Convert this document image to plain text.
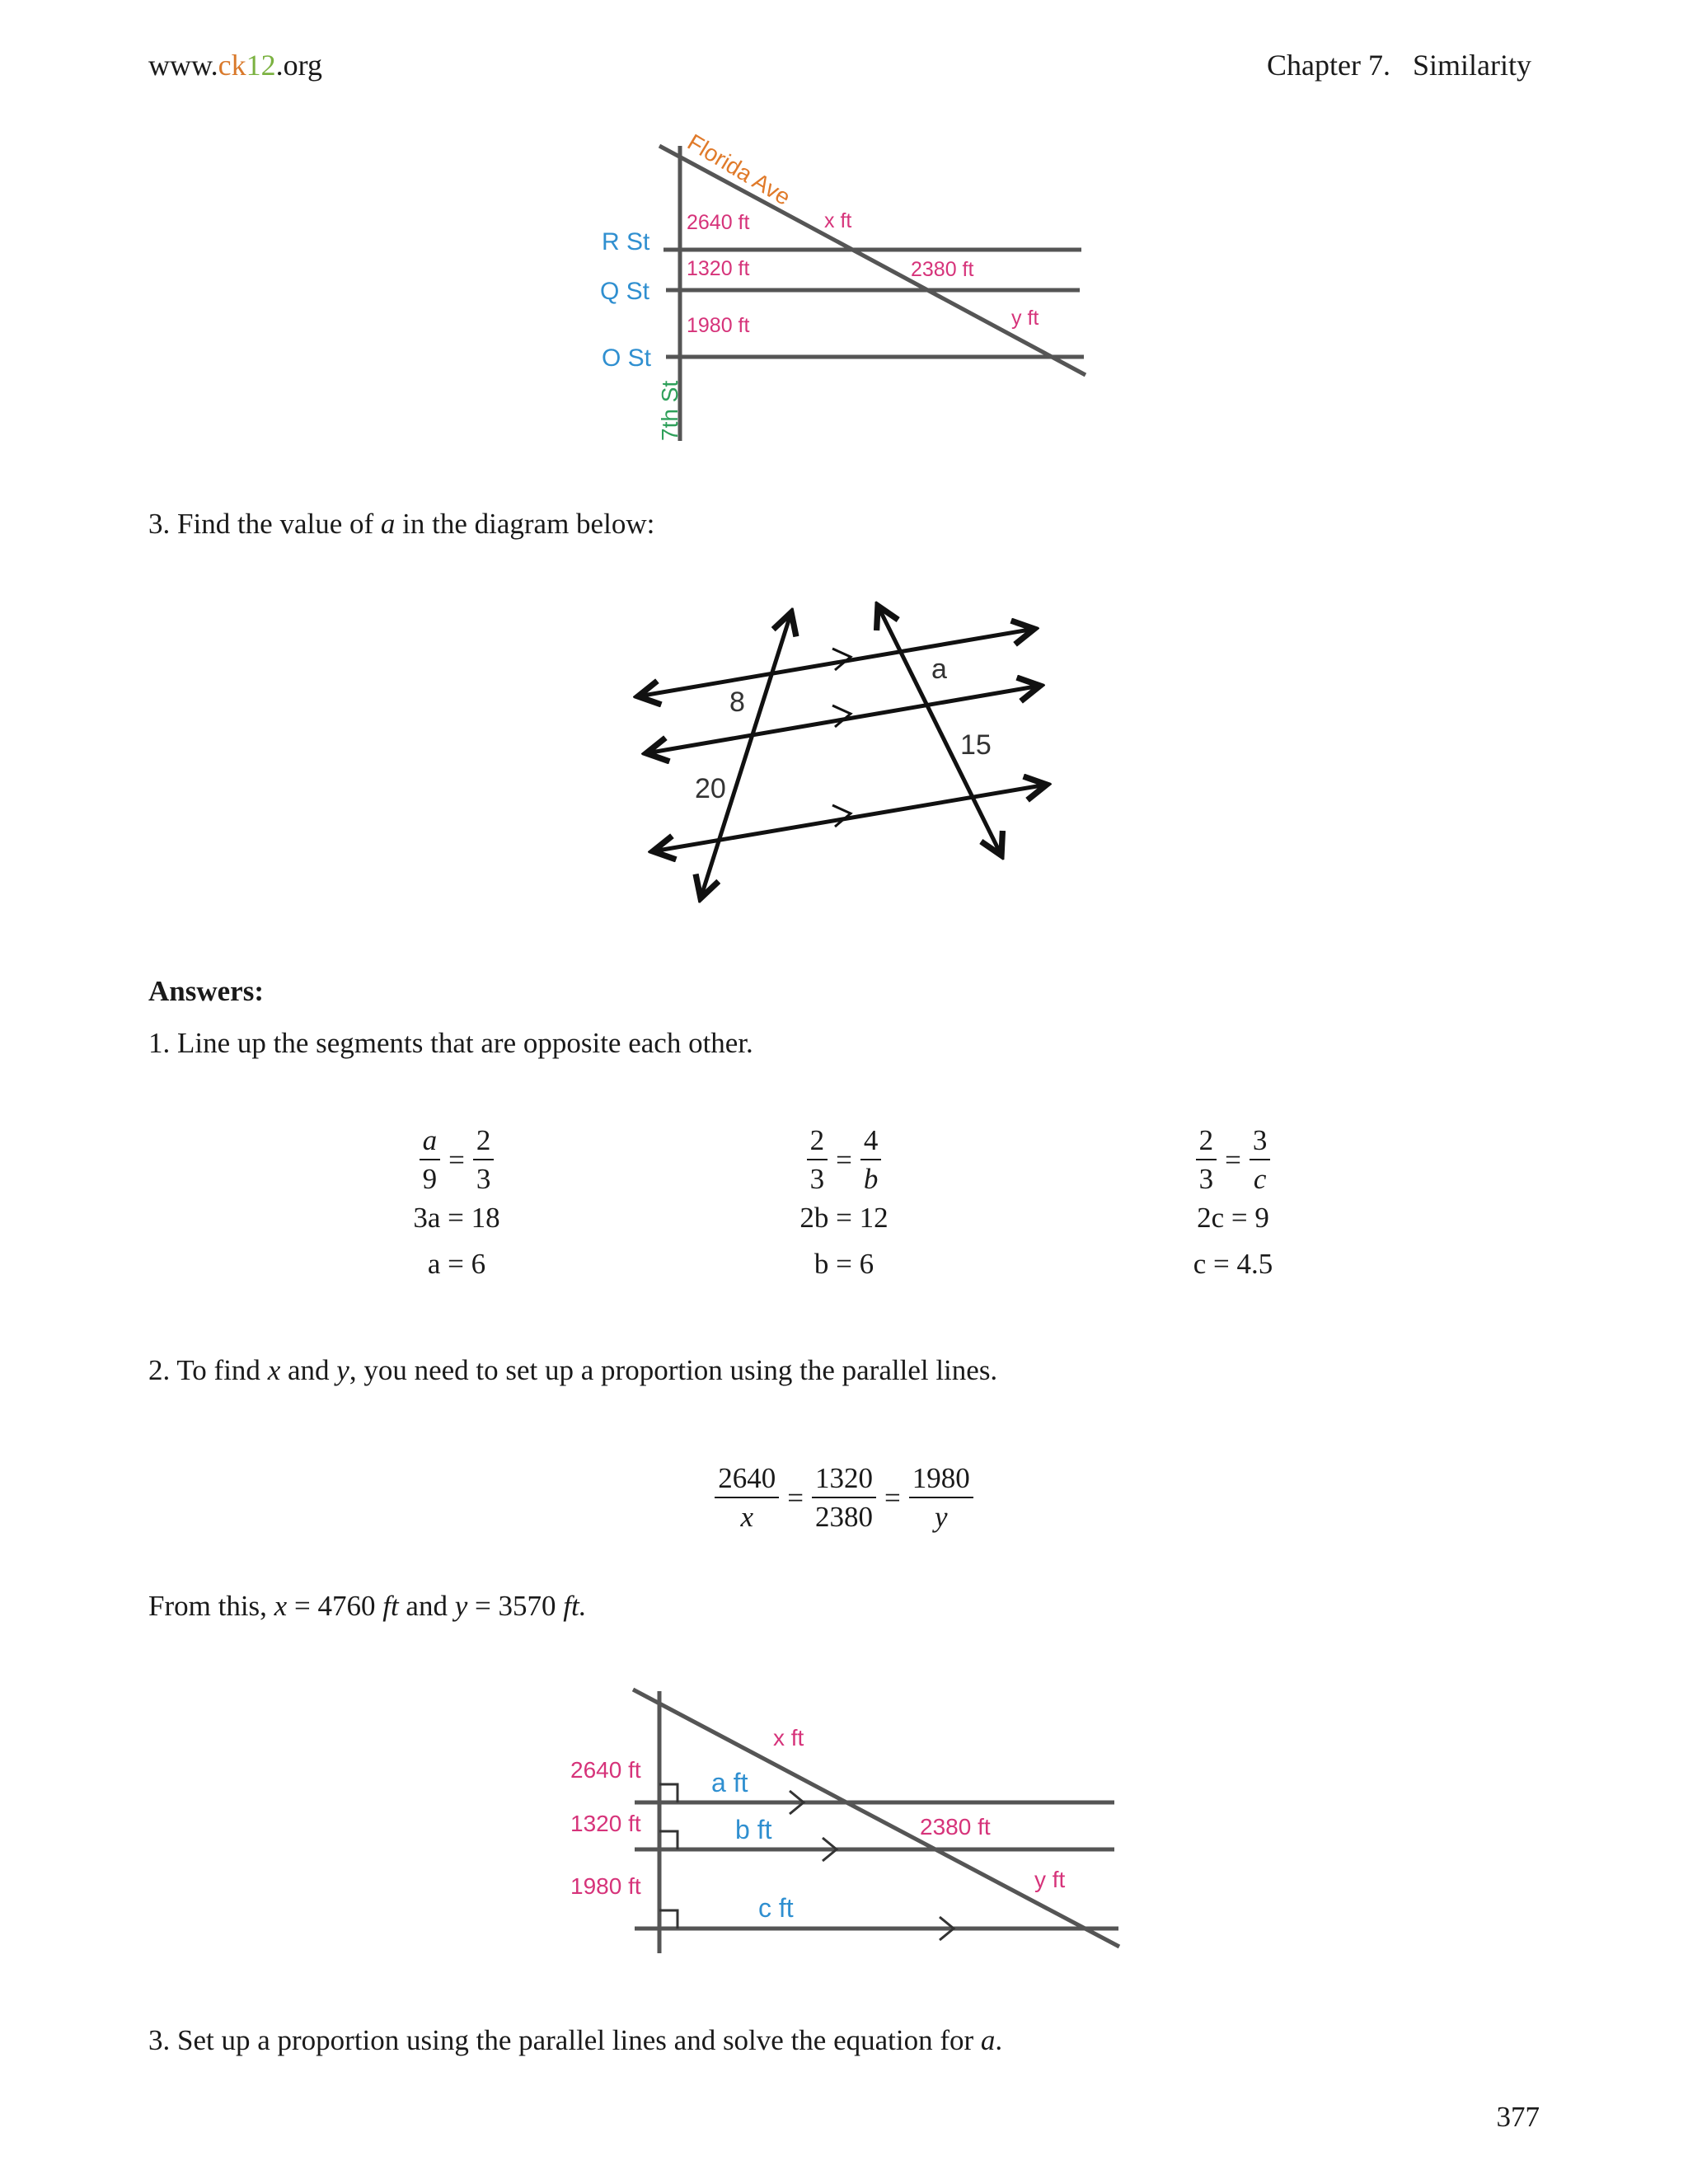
www.ck12.org	Chapter 7.   Similarity
Florida Ave
R St
Q St
O St
7th St
2640 ft
1320 ft
1980 ft
x ft
2380 ft
y ft
3. Find the value of a in the diagram below:
8
20
a
15
Answers:
1. Line up the segments that are opposite each other.
$\frac{a}{9} = \frac{2}{3}$
3a = 18
a = 6
$\frac{2}{3} = \frac{4}{b}$
2b = 12
b = 6
$\frac{2}{3} = \frac{3}{c}$
2c = 9
c = 4.5
2. To find x and y, you need to set up a proportion using the parallel lines.
$\frac{2640}{x} = \frac{1320}{2380} = \frac{1980}{y}$
From this, x = 4760 ft and y = 3570 ft.
2640 ft
1320 ft
1980 ft
x ft
2380 ft
y ft
a ft
b ft
c ft
3. Set up a proportion using the parallel lines and solve the equation for a.
377
